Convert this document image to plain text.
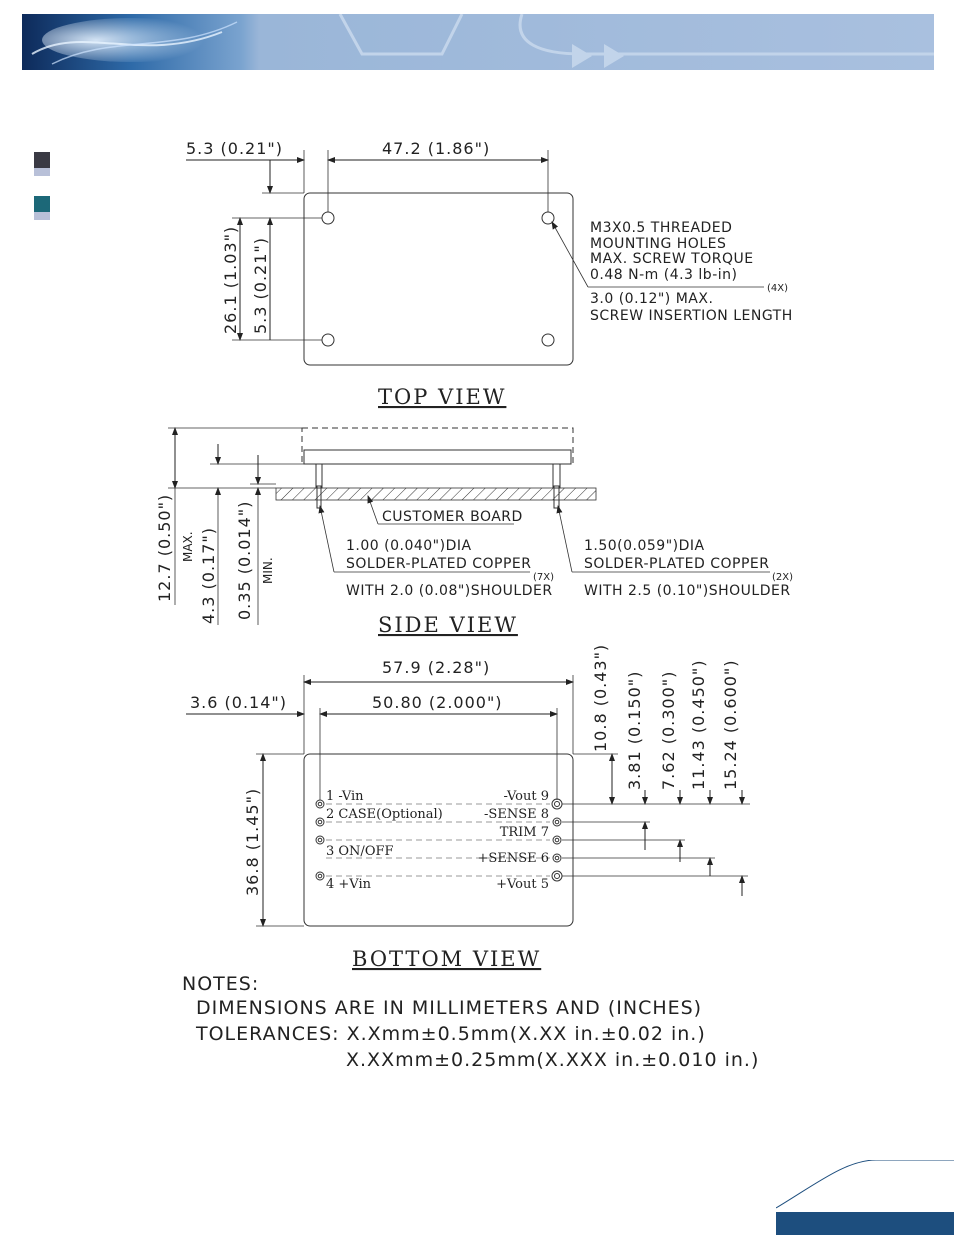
5.3 (0.21")	47.2 (1.86")
26.1 (1.03") 5.3 (0.21")
M3X0.5 THREADED
MOUNTING HOLES
MAX. SCREW TORQUE
0.48 N-m (4.3 lb-in)
(4X)
3.0 (0.12") MAX.
SCREW INSERTION LENGTH
TOP VIEW
12.7 (0.50") MAX. 4.3 (0.17") 0.35 (0.014") MIN.
CUSTOMER BOARD
1.00 (0.040")DIA
SOLDER-PLATED COPPER
(7X)
WITH 2.0 (0.08")SHOULDER
1.50(0.059")DIA
SOLDER-PLATED COPPER
(2X)
WITH 2.5 (0.10")SHOULDER
SIDE VIEW
57.9 (2.28")
3.6 (0.14")	50.80 (2.000")
36.8 (1.45")	1 -Vin
2 CASE(Optional)
3 ON/OFF
4 +Vin
-Vout 9
-SENSE 8
TRIM 7
+SENSE 6
+Vout 5
10.8 (0.43") 3.81 (0.150") 7.62 (0.300") 11.43 (0.450") 15.24 (0.600")
BOTTOM VIEW
NOTES:
DIMENSIONS ARE IN MILLIMETERS AND (INCHES)
TOLERANCES: X.Xmm±0.5mm(X.XX in.±0.02 in.)
X.XXmm±0.25mm(X.XXX in.±0.010 in.)
